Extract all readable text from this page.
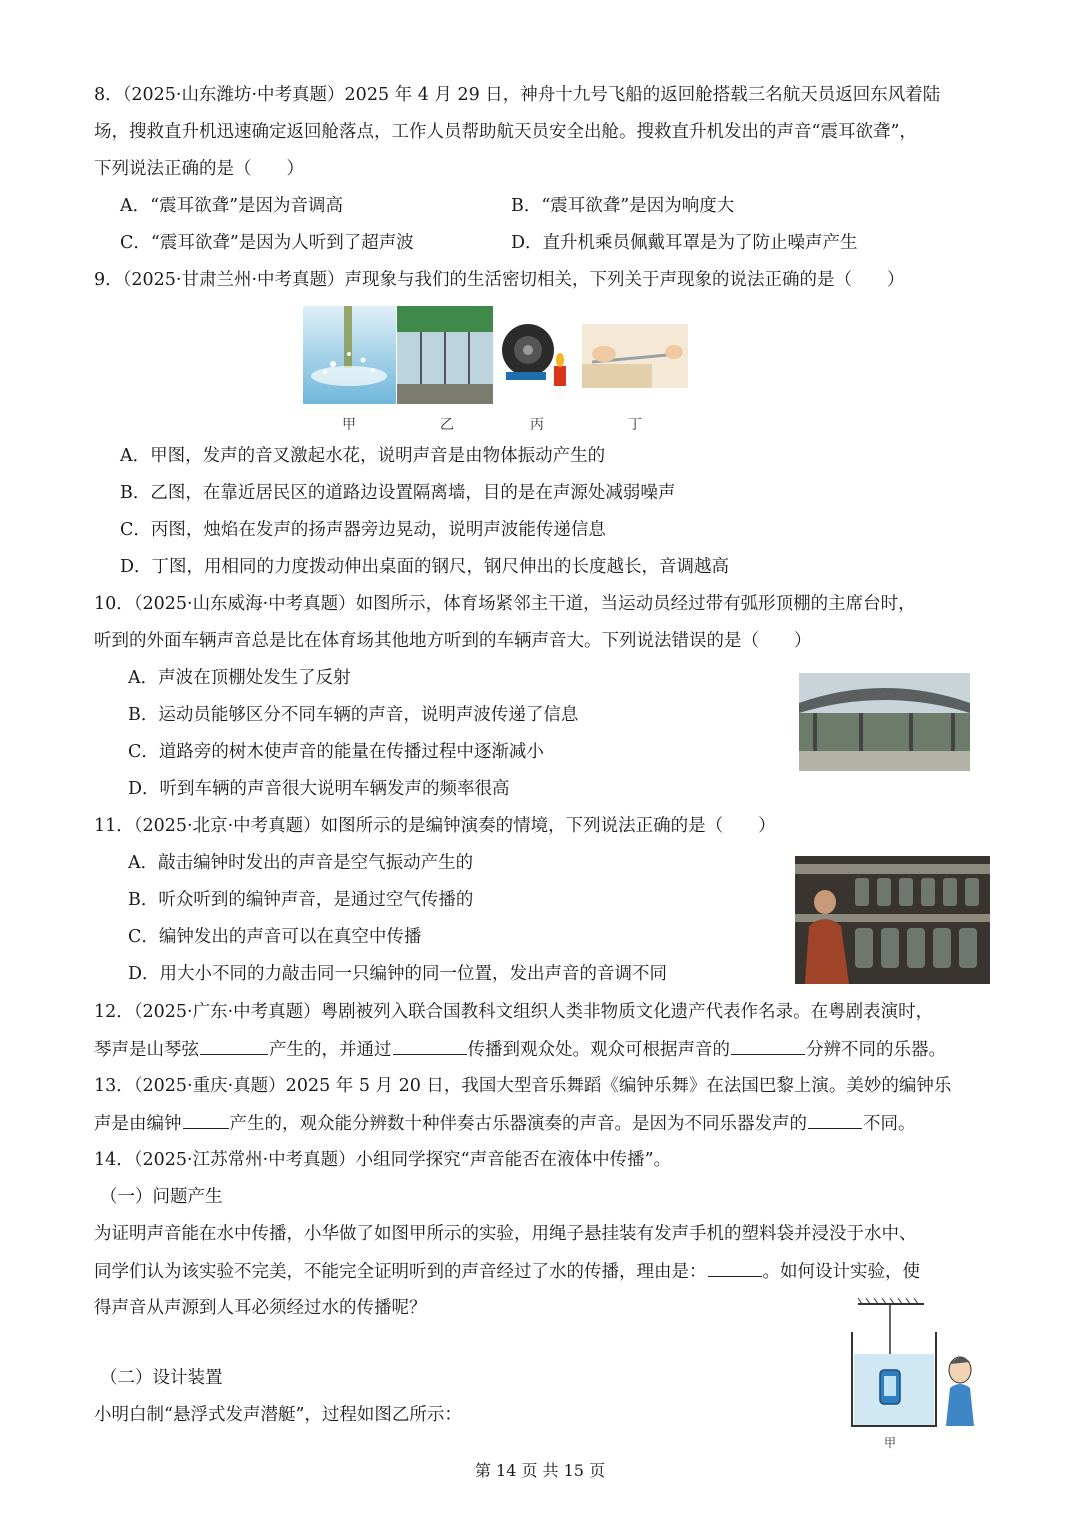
8．（2025·山东潍坊·中考真题）2025 年 4 月 29 日，神舟十九号飞船的返回舱搭载三名航天员返回东风着陆
场，搜救直升机迅速确定返回舱落点，工作人员帮助航天员安全出舱。搜救直升机发出的声音“震耳欲聋”，
下列说法正确的是（　　）
A．“震耳欲聋”是因为音调高	B．“震耳欲聋”是因为响度大
C．“震耳欲聋”是因为人听到了超声波	D．直升机乘员佩戴耳罩是为了防止噪声产生
9．（2025·甘肃兰州·中考真题）声现象与我们的生活密切相关，下列关于声现象的说法正确的是（　　）
甲	乙	丙	丁
A．甲图，发声的音叉激起水花，说明声音是由物体振动产生的
B．乙图，在靠近居民区的道路边设置隔离墙，目的是在声源处减弱噪声
C．丙图，烛焰在发声的扬声器旁边晃动，说明声波能传递信息
D．丁图，用相同的力度拨动伸出桌面的钢尺，钢尺伸出的长度越长，音调越高
10．（2025·山东威海·中考真题）如图所示，体育场紧邻主干道，当运动员经过带有弧形顶棚的主席台时，
听到的外面车辆声音总是比在体育场其他地方听到的车辆声音大。下列说法错误的是（　　）
A．声波在顶棚处发生了反射
B．运动员能够区分不同车辆的声音，说明声波传递了信息
C．道路旁的树木使声音的能量在传播过程中逐渐减小
D．听到车辆的声音很大说明车辆发声的频率很高
11．（2025·北京·中考真题）如图所示的是编钟演奏的情境，下列说法正确的是（　　）
A．敲击编钟时发出的声音是空气振动产生的
B．听众听到的编钟声音，是通过空气传播的
C．编钟发出的声音可以在真空中传播
D．用大小不同的力敲击同一只编钟的同一位置，发出声音的音调不同
12．（2025·广东·中考真题）粤剧被列入联合国教科文组织人类非物质文化遗产代表作名录。在粤剧表演时，
琴声是山琴弦	产生的，并通过	传播到观众处。观众可根据声音的	分辨不同的乐器。
13．（2025·重庆·真题）2025 年 5 月 20 日，我国大型音乐舞蹈《编钟乐舞》在法国巴黎上演。美妙的编钟乐
声是由编钟	产生的，观众能分辨数十种伴奏古乐器演奏的声音。是因为不同乐器发声的	不同。
14．（2025·江苏常州·中考真题）小组同学探究“声音能否在液体中传播”。
（一）问题产生
为证明声音能在水中传播，小华做了如图甲所示的实验，用绳子悬挂装有发声手机的塑料袋并浸没于水中、
同学们认为该实验不完美，不能完全证明听到的声音经过了水的传播，理由是：	。如何设计实验，使
得声音从声源到人耳必须经过水的传播呢？
（二）设计装置
小明白制“悬浮式发声潜艇”，过程如图乙所示：
甲
第 14 页 共 15 页
